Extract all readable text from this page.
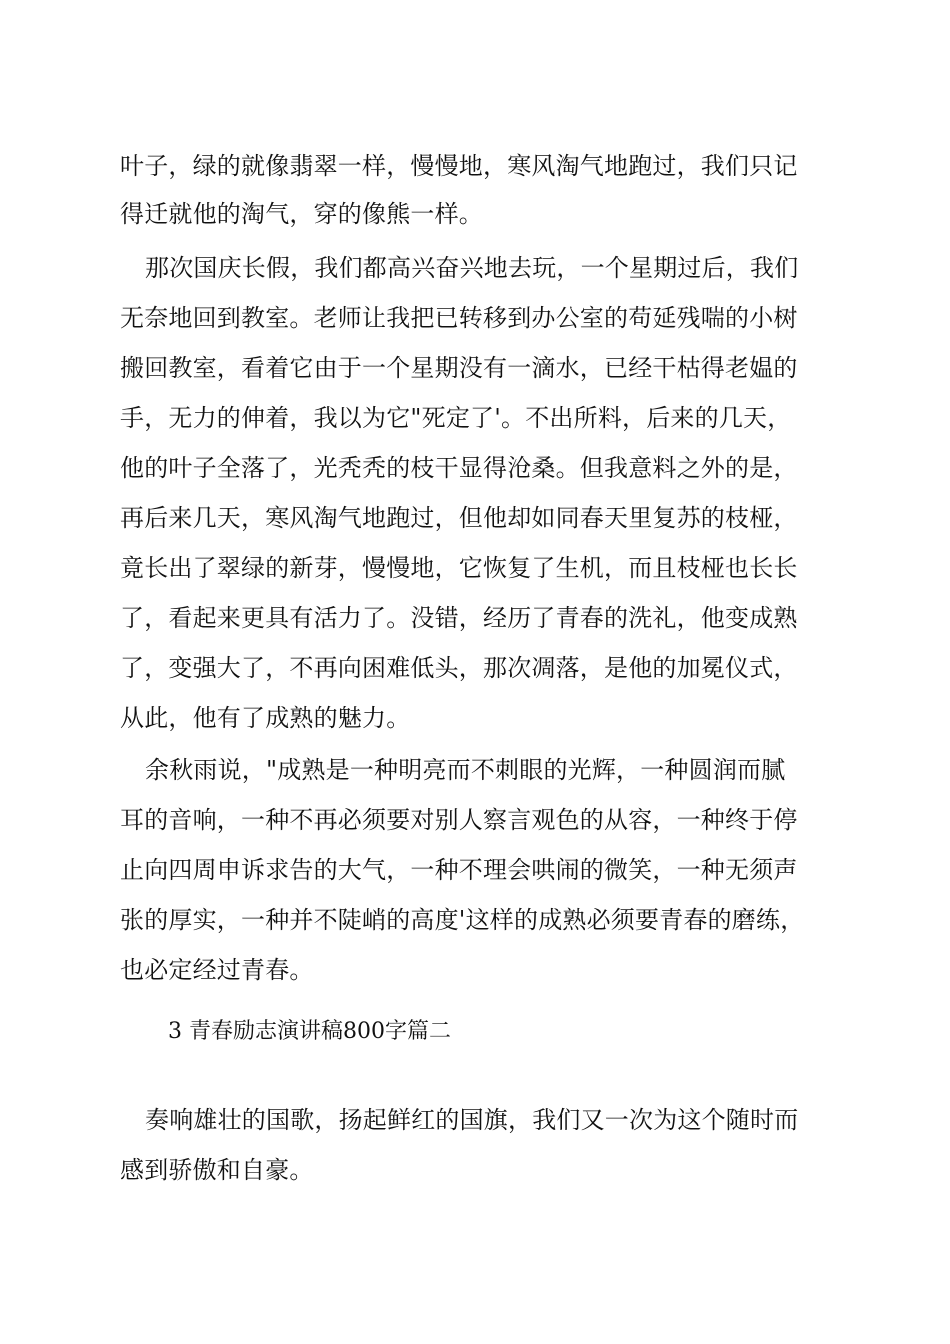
叶子，绿的就像翡翠一样，慢慢地，寒风淘气地跑过，我们只记
得迁就他的淘气，穿的像熊一样。
那次国庆长假，我们都高兴奋兴地去玩，一个星期过后，我们
无奈地回到教室。老师让我把已转移到办公室的苟延残喘的小树
搬回教室，看着它由于一个星期没有一滴水，已经干枯得老媪的
手，无力的伸着，我以为它"死定了'。不出所料，后来的几天，
他的叶子全落了，光秃秃的枝干显得沧桑。但我意料之外的是，
再后来几天，寒风淘气地跑过，但他却如同春天里复苏的枝桠，
竟长出了翠绿的新芽，慢慢地，它恢复了生机，而且枝桠也长长
了，看起来更具有活力了。没错，经历了青春的洗礼，他变成熟
了，变强大了，不再向困难低头，那次凋落，是他的加冕仪式，
从此，他有了成熟的魅力。
余秋雨说，"成熟是一种明亮而不刺眼的光辉，一种圆润而腻
耳的音响，一种不再必须要对别人察言观色的从容，一种终于停
止向四周申诉求告的大气，一种不理会哄闹的微笑，一种无须声
张的厚实，一种并不陡峭的高度'这样的成熟必须要青春的磨练，
也必定经过青春。
3 青春励志演讲稿800字篇二
奏响雄壮的国歌，扬起鲜红的国旗，我们又一次为这个随时而
感到骄傲和自豪。
